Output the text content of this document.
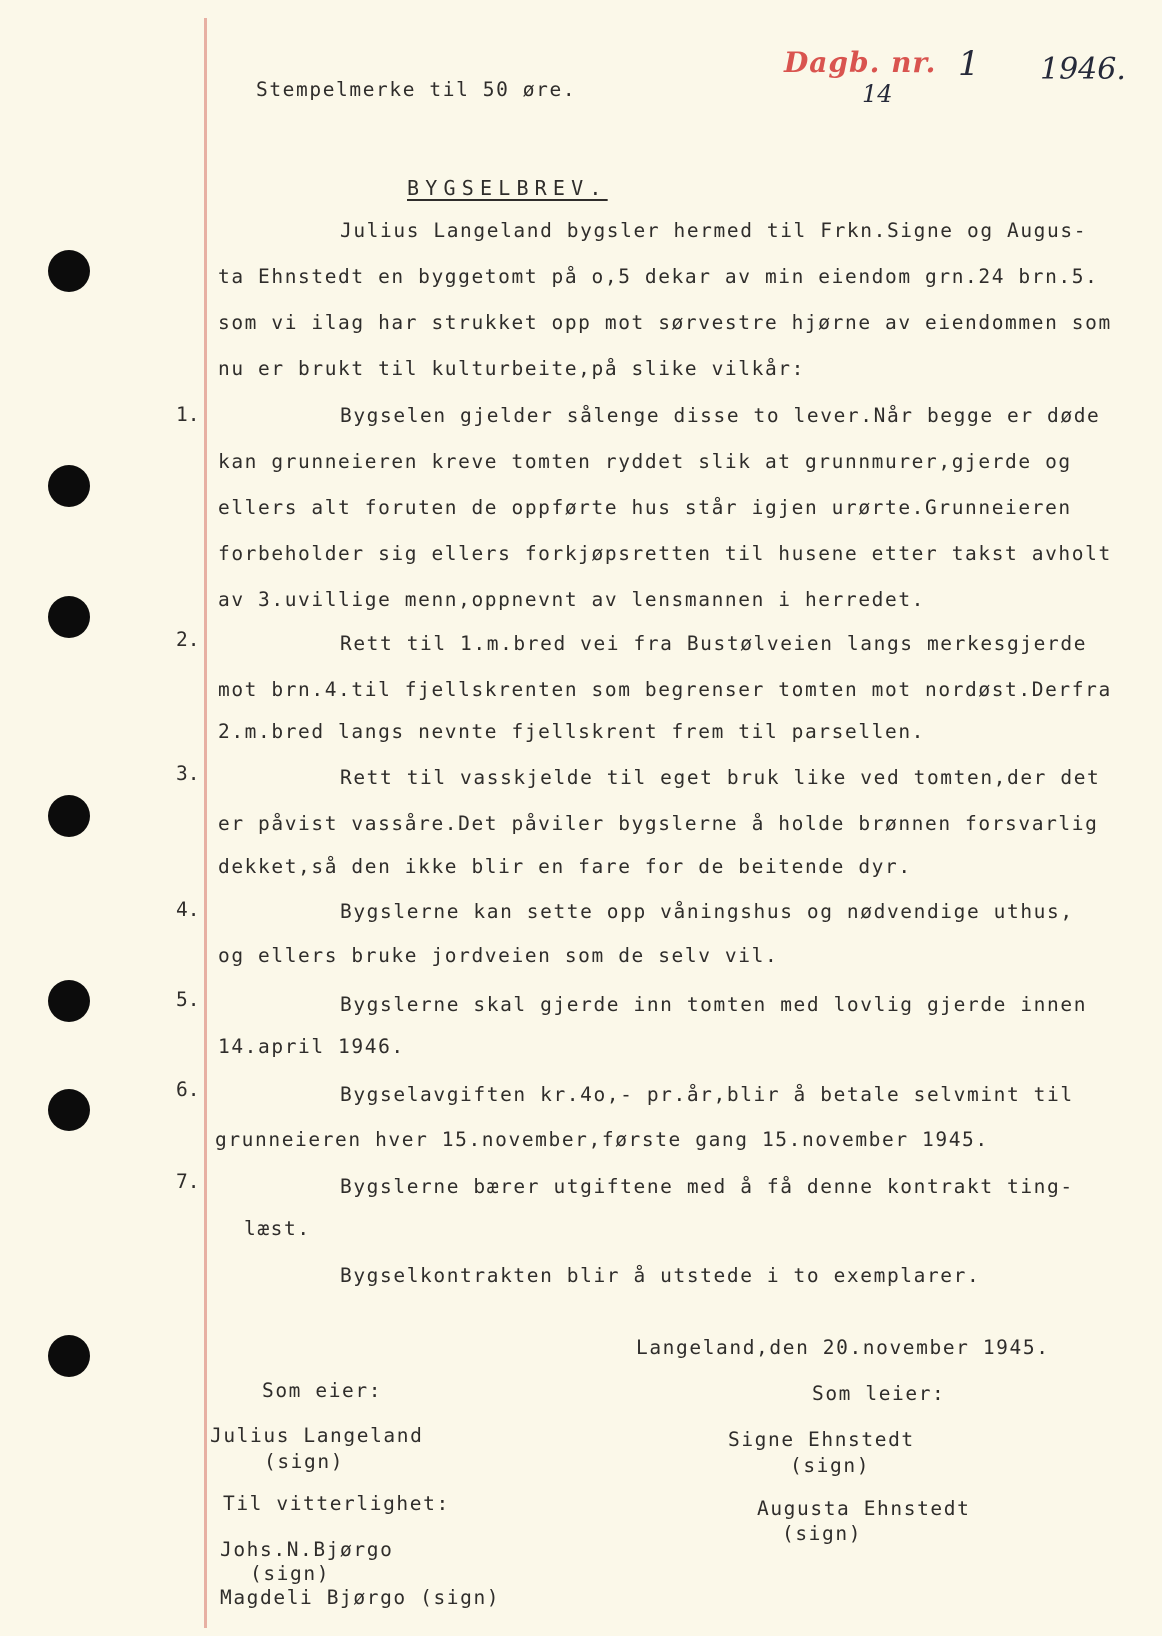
Stempelmerke til 50 øre.
Dagb. nr. 1 1946.
14
BYGSELBREV.
Julius Langeland bygsler hermed til Frkn.Signe og Augus-
ta Ehnstedt en byggetomt på o,5 dekar av min eiendom grn.24 brn.5.
som vi ilag har strukket opp mot sørvestre hjørne av eiendommen som
nu er brukt til kulturbeite,på slike vilkår:
1.	Bygselen gjelder sålenge disse to lever.Når begge er døde
kan grunneieren kreve tomten ryddet slik at grunnmurer,gjerde og
ellers alt foruten de oppførte hus står igjen urørte.Grunneieren
forbeholder sig ellers forkjøpsretten til husene etter takst avholt
av 3.uvillige menn,oppnevnt av lensmannen i herredet.
2.	Rett til 1.m.bred vei fra Bustølveien langs merkesgjerde
mot brn.4.til fjellskrenten som begrenser tomten mot nordøst.Derfra
2.m.bred langs nevnte fjellskrent frem til parsellen.
3.	Rett til vasskjelde til eget bruk like ved tomten,der det
er påvist vassåre.Det påviler bygslerne å holde brønnen forsvarlig
dekket,så den ikke blir en fare for de beitende dyr.
4.	Bygslerne kan sette opp våningshus og nødvendige uthus,
og ellers bruke jordveien som de selv vil.
5.	Bygslerne skal gjerde inn tomten med lovlig gjerde innen
14.april 1946.
6.	Bygselavgiften kr.4o,- pr.år,blir å betale selvmint til
grunneieren hver 15.november,første gang 15.november 1945.
7.	Bygslerne bærer utgiftene med å få denne kontrakt ting-
læst.
Bygselkontrakten blir å utstede i to exemplarer.
Langeland,den 20.november 1945.
Som eier:	Som leier:
Julius Langeland
(sign)
Signe Ehnstedt
(sign)
Til vitterlighet:	Augusta Ehnstedt
(sign)
Johs.N.Bjørgo
(sign)
Magdeli Bjørgo (sign)
